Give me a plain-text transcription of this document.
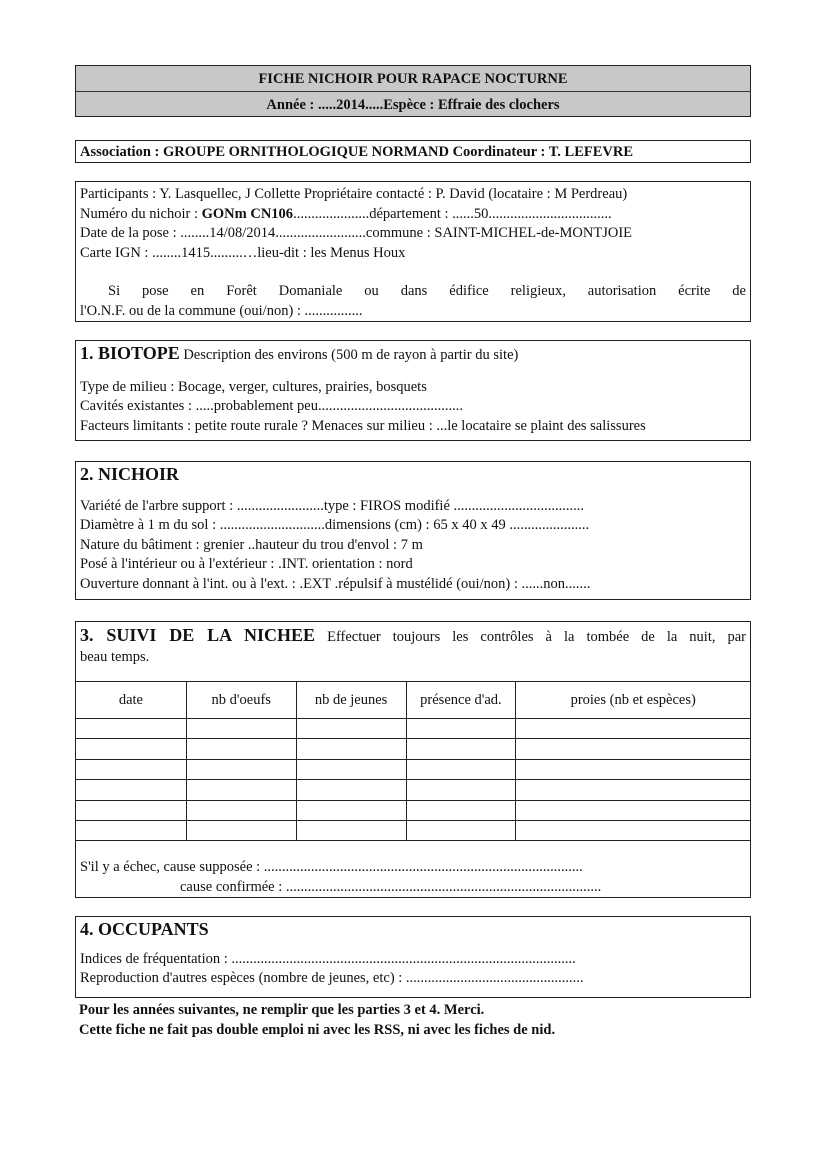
FICHE NICHOIR POUR RAPACE NOCTURNE
Année : .....2014.....Espèce : Effraie des clochers
Association : GROUPE ORNITHOLOGIQUE NORMAND Coordinateur : T. LEFEVRE

Participants : Y. Lasquellec, J Collette Propriétaire contacté : P. David (locataire : M Perdreau)

Numéro du nichoir : GONm CN106.....................département : ......50..................................

Date de la pose : ........14/08/2014.........................commune : SAINT-MICHEL-de-MONTJOIE

Carte IGN : ........1415.........…lieu-dit : les Menus Houx

Si pose en Forêt Domaniale ou dans édifice religieux, autorisation écrite de

l'O.N.F. ou de la commune (oui/non) : ................

1. BIOTOPE Description des environs (500 m de rayon à partir du site)

Type de milieu : Bocage, verger, cultures, prairies, bosquets

Cavités existantes : .....probablement peu........................................

Facteurs limitants : petite route rurale ? Menaces sur milieu : ...le locataire se plaint des salissures

2. NICHOIR

Variété de l'arbre support : ........................type : FIROS modifié ....................................

Diamètre à 1 m du sol : .............................dimensions (cm) : 65 x 40 x 49 ......................

Nature du bâtiment : grenier ..hauteur du trou d'envol : 7 m

Posé à l'intérieur ou à l'extérieur : .INT. orientation : nord

Ouverture donnant à l'int. ou à l'ext. : .EXT .répulsif à mustélidé (oui/non) : ......non.......

3. SUIVI DE LA NICHEE Effectuer toujours les contrôles à la tombée de la nuit, par

beau temps.

date	nb d'oeufs	nb de jeunes	présence d'ad.	proies (nb et espèces)

S'il y a échec, cause supposée : ........................................................................................

cause confirmée : .......................................................................................

4. OCCUPANTS

Indices de fréquentation : ...............................................................................................

Reproduction d'autres espèces (nombre de jeunes, etc) : .................................................

Pour les années suivantes, ne remplir que les parties 3 et 4. Merci.

Cette fiche ne fait pas double emploi ni avec les RSS, ni avec les fiches de nid.
